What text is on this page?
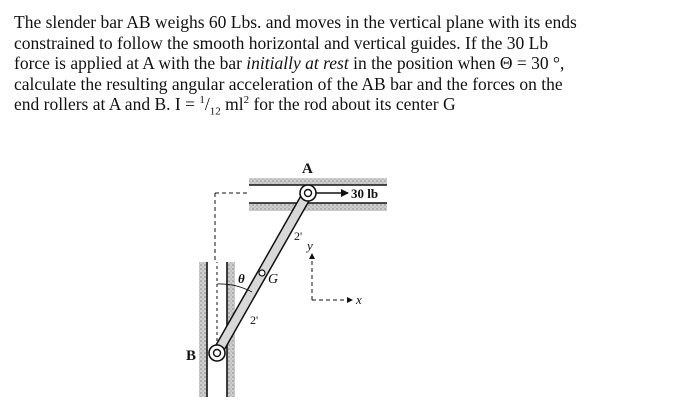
The slender bar AB weighs 60 Lbs. and moves in the vertical plane with its ends
constrained to follow the smooth horizontal and vertical guides. If the 30 Lb
force is applied at A with the bar initially at rest in the position when Θ = 30 °,
calculate the resulting angular acceleration of the AB bar and the forces on the
end rollers at A and B. $I = ^1/_{12}$ $ml^2$ for the rod about its center G
A
B
G
30 lb
θ
2'
2'
y
x
